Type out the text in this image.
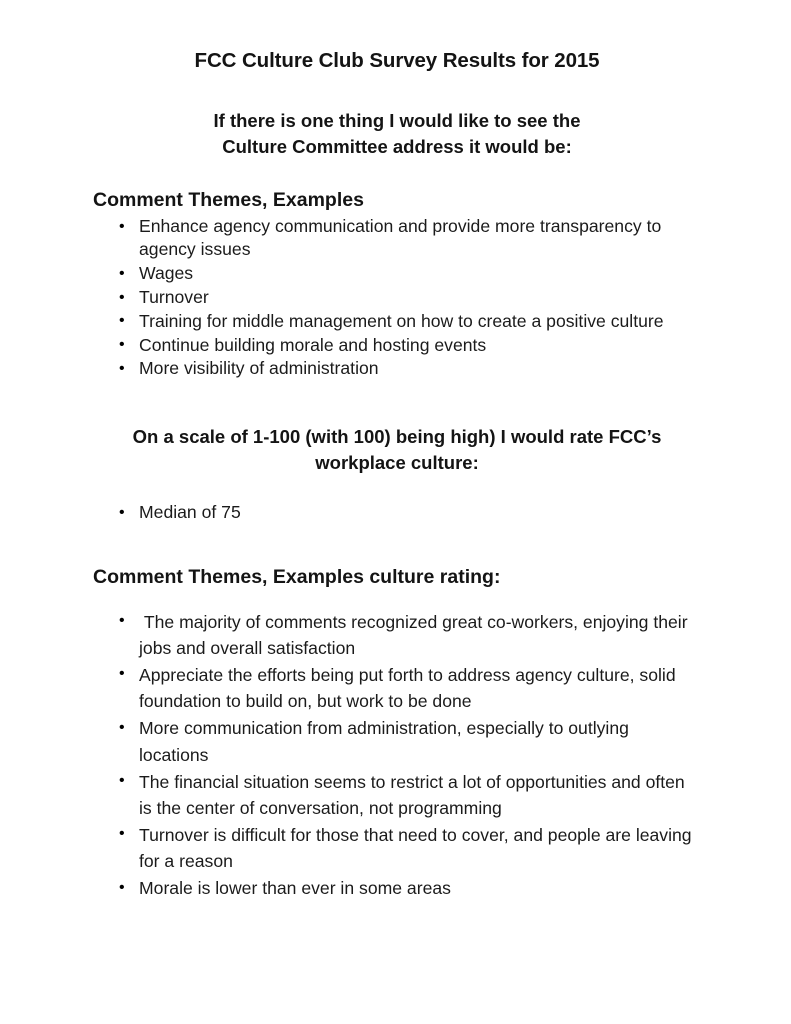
FCC Culture Club Survey Results for 2015
If there is one thing I would like to see the
Culture Committee address it would be:
Comment Themes, Examples
• Enhance agency communication and provide more transparency to agency issues
• Wages
• Turnover
• Training for middle management on how to create a positive culture
• Continue building morale and hosting events
• More visibility of administration
On a scale of 1-100 (with 100) being high) I would rate FCC’s
workplace culture:
• Median of 75
Comment Themes, Examples culture rating:
•  The majority of comments recognized great co-workers, enjoying their jobs and overall satisfaction
• Appreciate the efforts being put forth to address agency culture, solid foundation to build on, but work to be done
• More communication from administration, especially to outlying locations
• The financial situation seems to restrict a lot of opportunities and often is the center of conversation, not programming
• Turnover is difficult for those that need to cover, and people are leaving for a reason
• Morale is lower than ever in some areas
